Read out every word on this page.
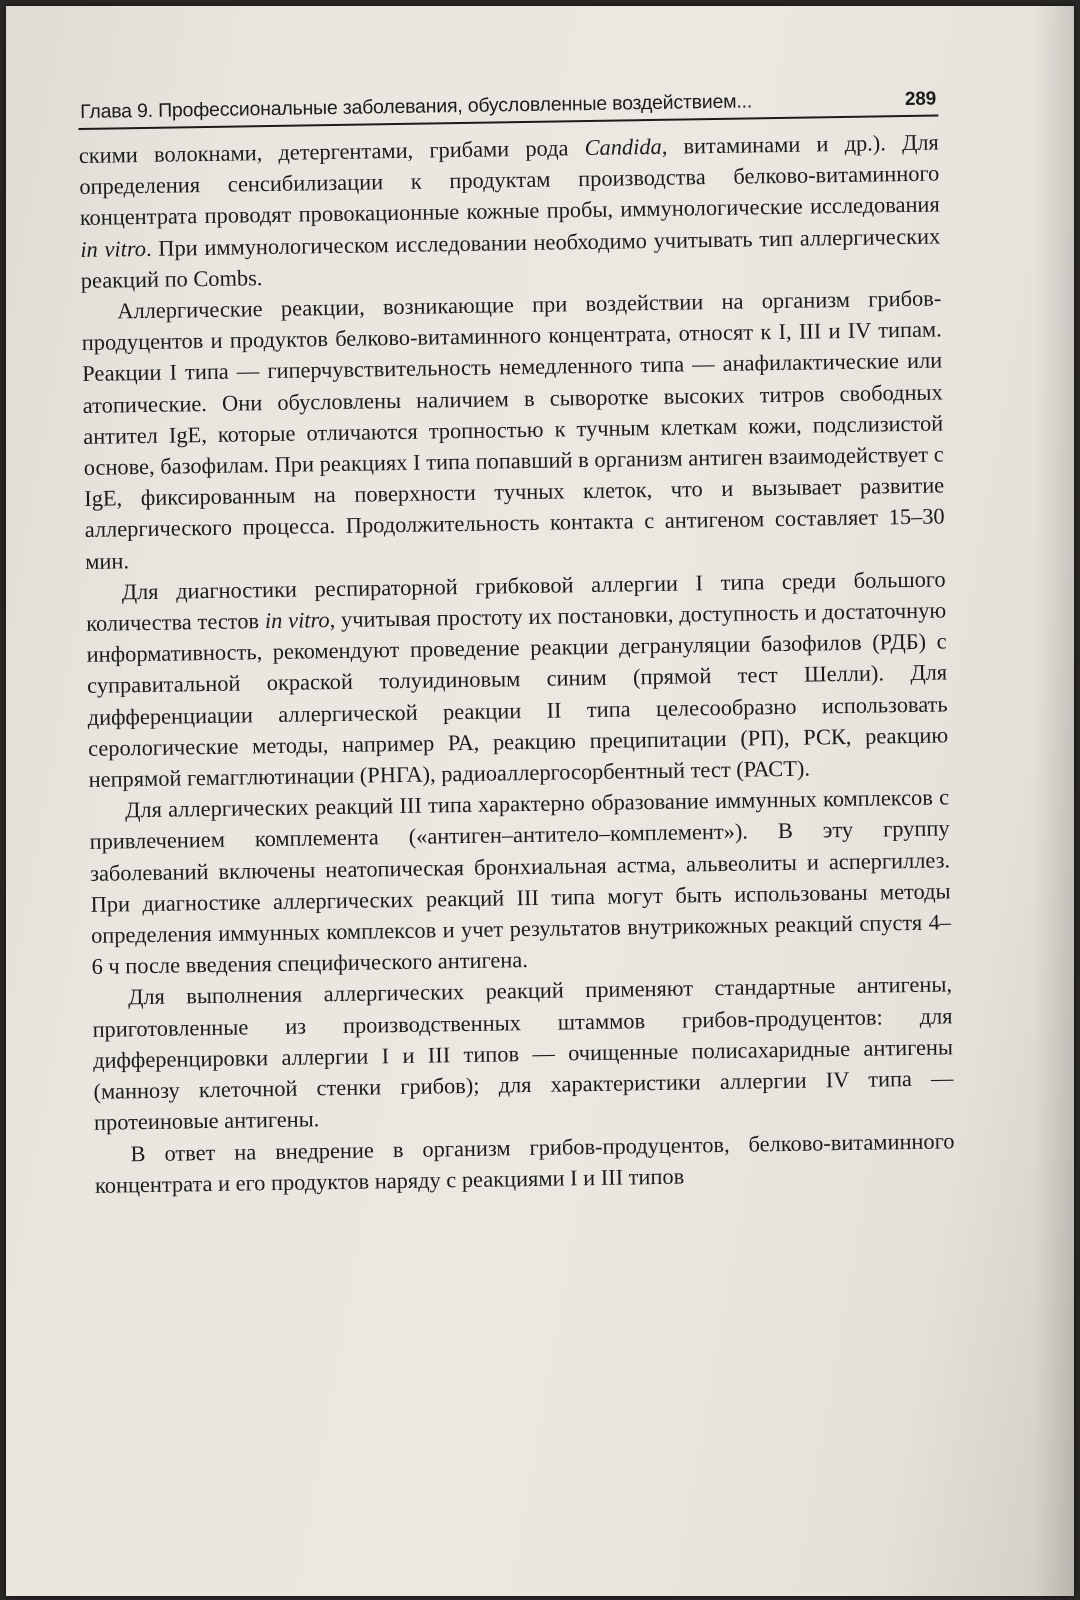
Глава 9. Профессиональные заболевания, обусловленные воздействием...	289

скими волокнами, детергентами, грибами рода Candida, витаминами и др.). Для определения сенсибилизации к продуктам производства белково-витаминного концентрата проводят провокационные кожные пробы, иммунологические исследования in vitro. При иммунологическом исследовании необходимо учитывать тип аллергических реакций по Combs.

Аллергические реакции, возникающие при воздействии на организм грибов-продуцентов и продуктов белково-витаминного концентрата, относят к I, III и IV типам. Реакции I типа — гиперчувствительность немедленного типа — анафилактические или атопические. Они обусловлены наличием в сыворотке высоких титров свободных антител IgE, которые отличаются тропностью к тучным клеткам кожи, подслизистой основе, базофилам. При реакциях I типа попавший в организм антиген взаимодействует с IgE, фиксированным на поверхности тучных клеток, что и вызывает развитие аллергического процесса. Продолжительность контакта с антигеном составляет 15–30 мин.

Для диагностики респираторной грибковой аллергии I типа среди большого количества тестов in vitro, учитывая простоту их постановки, доступность и достаточную информативность, рекомендуют проведение реакции дегрануляции базофилов (РДБ) с суправитальной окраской толуидиновым синим (прямой тест Шелли). Для дифференциации аллергической реакции II типа целесообразно использовать серологические методы, например РА, реакцию преципитации (РП), РСК, реакцию непрямой гемагглютинации (РНГА), радиоаллергосорбентный тест (РАСТ).

Для аллергических реакций III типа характерно образование иммунных комплексов с привлечением комплемента («антиген–антитело–комплемент»). В эту группу заболеваний включены неатопическая бронхиальная астма, альвеолиты и аспергиллез. При диагностике аллергических реакций III типа могут быть использованы методы определения иммунных комплексов и учет результатов внутрикожных реакций спустя 4–6 ч после введения специфического антигена.

Для выполнения аллергических реакций применяют стандартные антигены, приготовленные из производственных штаммов грибов-продуцентов: для дифференцировки аллергии I и III типов — очищенные полисахаридные антигены (маннозу клеточной стенки грибов); для характеристики аллергии IV типа — протеиновые антигены.

В ответ на внедрение в организм грибов-продуцентов, белково-витаминного концентрата и его продуктов наряду с реакциями I и III типов
